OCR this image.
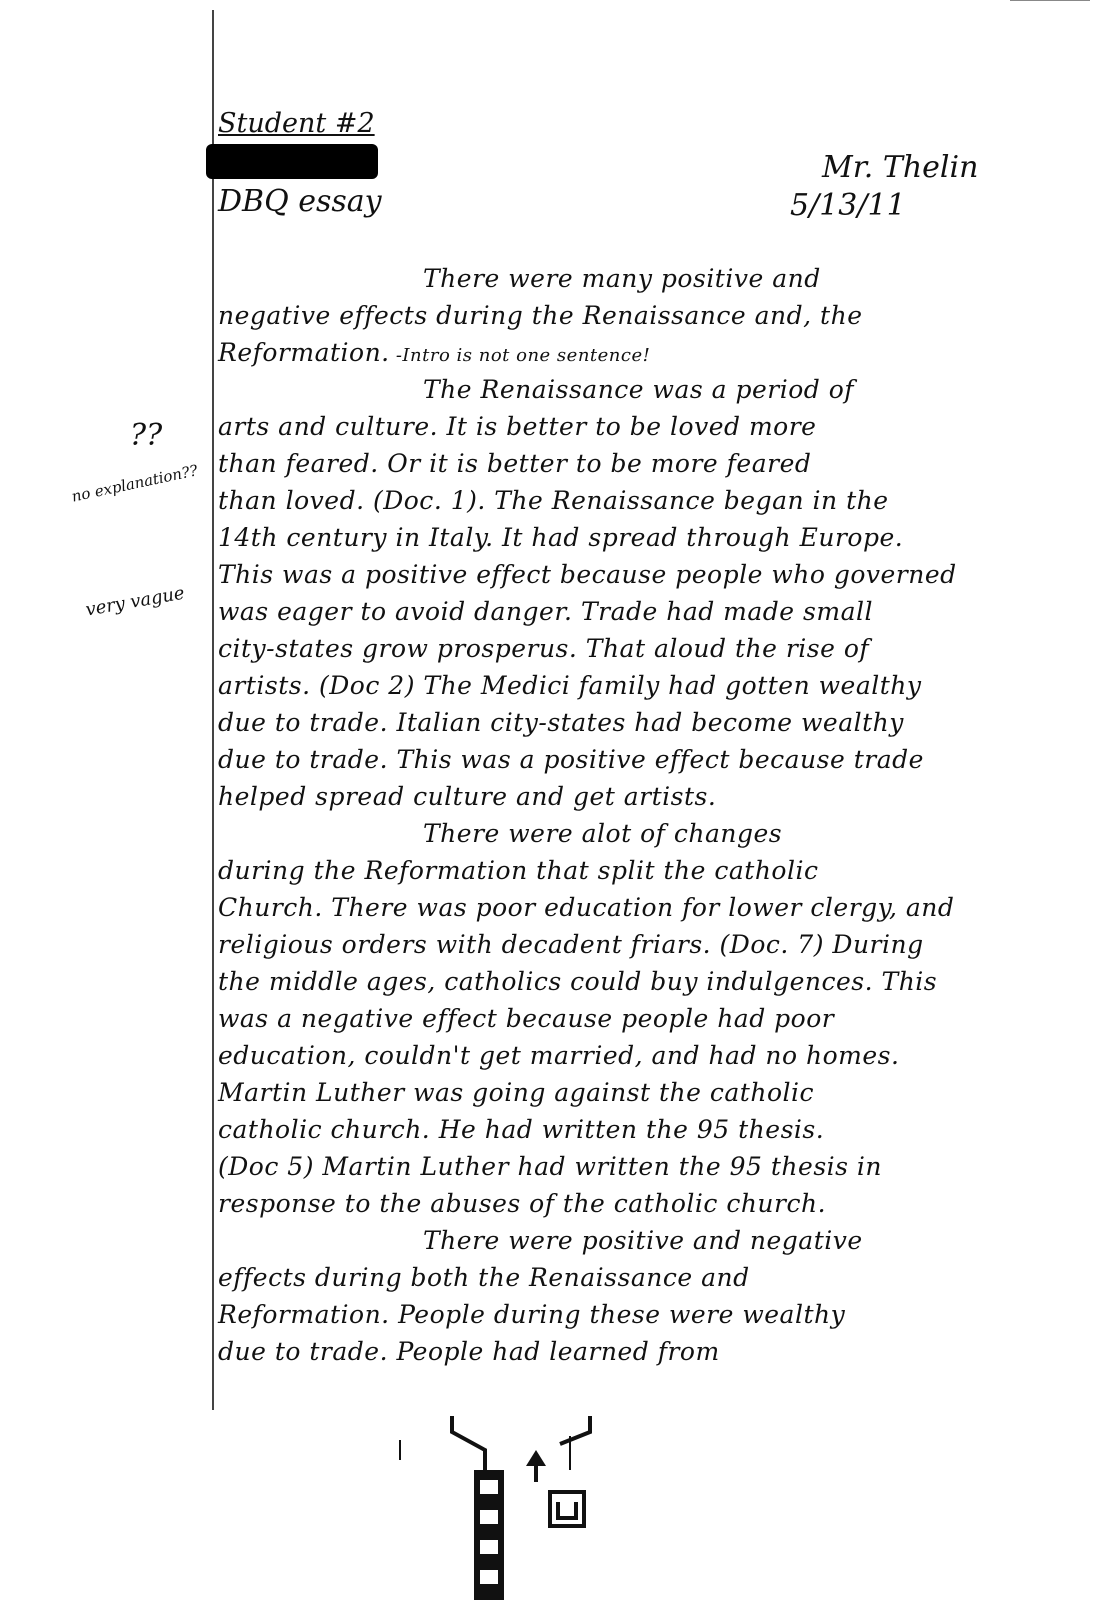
Student #2
DBQ essay
Mr. Thelin
5/13/11
??
no explanation??
very vague
There were many positive and
negative effects during the Renaissance and, the
Reformation. -Intro is not one sentence!
The Renaissance was a period of
arts and culture. It is better to be loved more
than feared. Or it is better to be more feared
than loved. (Doc. 1). The Renaissance began in the
14th century in Italy. It had spread through Europe.
This was a positive effect because people who governed
was eager to avoid danger. Trade had made small
city-states grow prosperus. That aloud the rise of
artists. (Doc 2) The Medici family had gotten wealthy
due to trade. Italian city-states had become wealthy
due to trade. This was a positive effect because trade
helped spread culture and get artists.
There were alot of changes
during the Reformation that split the catholic
Church. There was poor education for lower clergy, and
religious orders with decadent friars. (Doc. 7) During
the middle ages, catholics could buy indulgences. This
was a negative effect because people had poor
education, couldn't get married, and had no homes.
Martin Luther was going against the catholic
catholic church. He had written the 95 thesis.
(Doc 5) Martin Luther had written the 95 thesis in
response to the abuses of the catholic church.
There were positive and negative
effects during both the Renaissance and
Reformation. People during these were wealthy
due to trade. People had learned from
